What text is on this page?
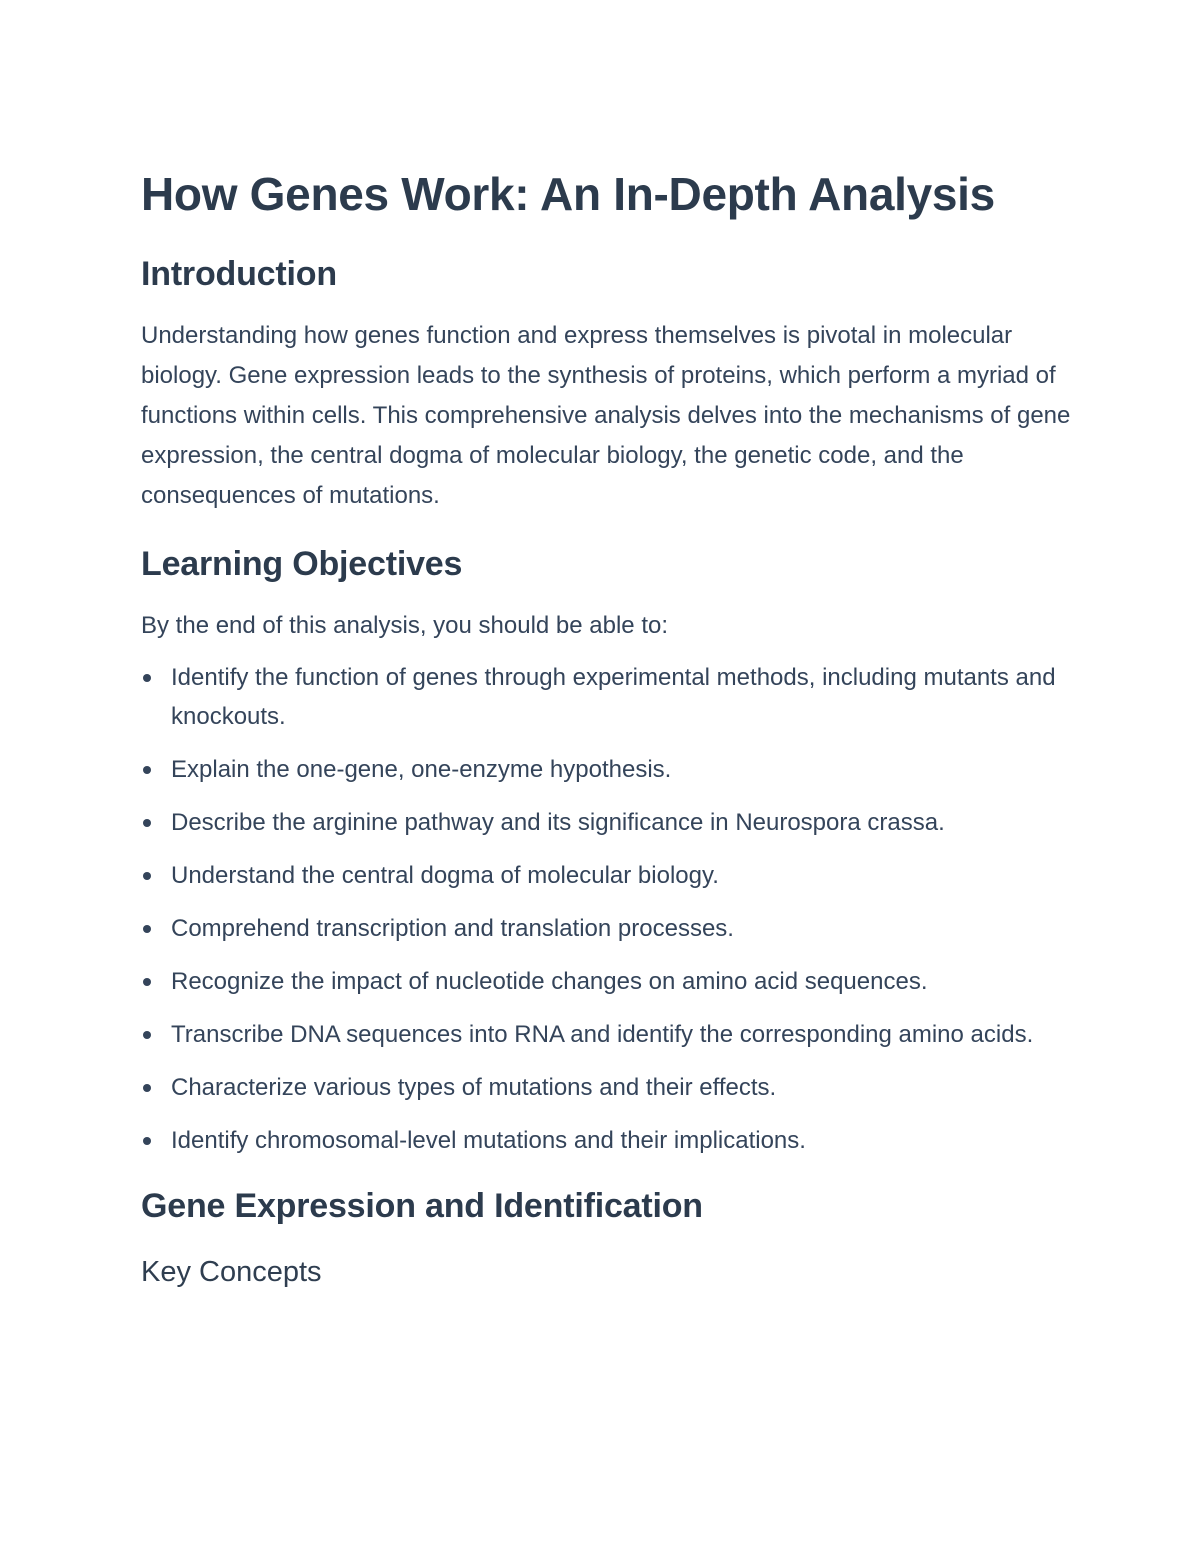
How Genes Work: An In-Depth Analysis
Introduction

Understanding how genes function and express themselves is pivotal in molecular biology. Gene expression leads to the synthesis of proteins, which perform a myriad of functions within cells. This comprehensive analysis delves into the mechanisms of gene expression, the central dogma of molecular biology, the genetic code, and the consequences of mutations.

Learning Objectives

By the end of this analysis, you should be able to:

Identify the function of genes through experimental methods, including mutants and knockouts.
Explain the one-gene, one-enzyme hypothesis.
Describe the arginine pathway and its significance in Neurospora crassa.
Understand the central dogma of molecular biology.
Comprehend transcription and translation processes.
Recognize the impact of nucleotide changes on amino acid sequences.
Transcribe DNA sequences into RNA and identify the corresponding amino acids.
Characterize various types of mutations and their effects.
Identify chromosomal-level mutations and their implications.
Gene Expression and Identification
Key Concepts
